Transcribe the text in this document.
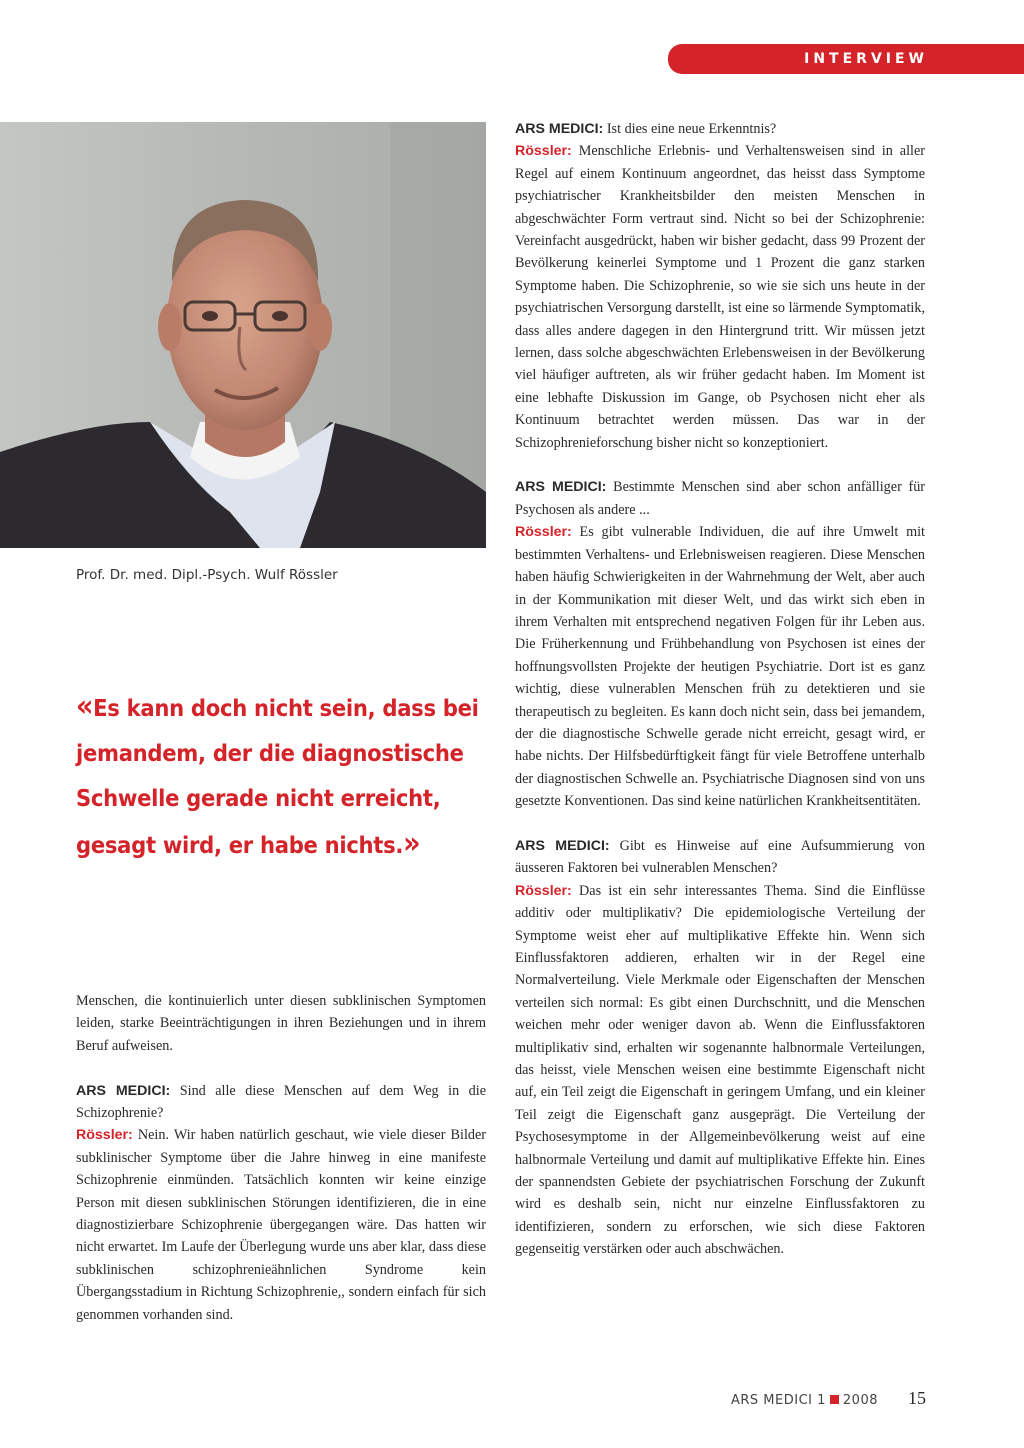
INTERVIEW
Prof. Dr. med. Dipl.-Psych. Wulf Rössler
«Es kann doch nicht sein, dass bei jemandem, der die diagnostische Schwelle gerade nicht erreicht, gesagt wird, er habe nichts.»

Menschen, die kontinuierlich unter diesen subklinischen Symptomen leiden, starke Beeinträchtigungen in ihren Beziehungen und in ihrem Beruf aufweisen.

ARS MEDICI: Sind alle diese Menschen auf dem Weg in die Schizophrenie?
Rössler: Nein. Wir haben natürlich geschaut, wie viele dieser Bilder subklinischer Symptome über die Jahre hinweg in eine manifeste Schizophrenie einmünden. Tatsächlich konnten wir keine einzige Person mit diesen subklinischen Störungen identifizieren, die in eine diagnostizierbare Schizophrenie übergegangen wäre. Das hatten wir nicht erwartet. Im Laufe der Überlegung wurde uns aber klar, dass diese subklinischen schizophrenieähnlichen Syndrome kein Übergangsstadium in Richtung Schizophrenie,, sondern einfach für sich genommen vorhanden sind.

ARS MEDICI: Ist dies eine neue Erkenntnis?
Rössler: Menschliche Erlebnis- und Verhaltensweisen sind in aller Regel auf einem Kontinuum angeordnet, das heisst dass Symptome psychiatrischer Krankheitsbilder den meisten Menschen in abgeschwächter Form vertraut sind. Nicht so bei der Schizophrenie: Vereinfacht ausgedrückt, haben wir bisher gedacht, dass 99 Prozent der Bevölkerung keinerlei Symptome und 1 Prozent die ganz starken Symptome haben. Die Schizophrenie, so wie sie sich uns heute in der psychiatrischen Versorgung darstellt, ist eine so lärmende Symptomatik, dass alles andere dagegen in den Hintergrund tritt. Wir müssen jetzt lernen, dass solche abgeschwächten Erlebensweisen in der Bevölkerung viel häufiger auftreten, als wir früher gedacht haben. Im Moment ist eine lebhafte Diskussion im Gange, ob Psychosen nicht eher als Kontinuum betrachtet werden müssen. Das war in der Schizophrenieforschung bisher nicht so konzeptioniert.

ARS MEDICI: Bestimmte Menschen sind aber schon anfälliger für Psychosen als andere ...
Rössler: Es gibt vulnerable Individuen, die auf ihre Umwelt mit bestimmten Verhaltens- und Erlebnisweisen reagieren. Diese Menschen haben häufig Schwierigkeiten in der Wahrnehmung der Welt, aber auch in der Kommunikation mit dieser Welt, und das wirkt sich eben in ihrem Verhalten mit entsprechend negativen Folgen für ihr Leben aus. Die Früherkennung und Frühbehandlung von Psychosen ist eines der hoffnungsvollsten Projekte der heutigen Psychiatrie. Dort ist es ganz wichtig, diese vulnerablen Menschen früh zu detektieren und sie therapeutisch zu begleiten. Es kann doch nicht sein, dass bei jemandem, der die diagnostische Schwelle gerade nicht erreicht, gesagt wird, er habe nichts. Der Hilfsbedürftigkeit fängt für viele Betroffene unterhalb der diagnostischen Schwelle an. Psychiatrische Diagnosen sind von uns gesetzte Konventionen. Das sind keine natürlichen Krankheitsentitäten.

ARS MEDICI: Gibt es Hinweise auf eine Aufsummierung von äusseren Faktoren bei vulnerablen Menschen?
Rössler: Das ist ein sehr interessantes Thema. Sind die Einflüsse additiv oder multiplikativ? Die epidemiologische Verteilung der Symptome weist eher auf multiplikative Effekte hin. Wenn sich Einflussfaktoren addieren, erhalten wir in der Regel eine Normalverteilung. Viele Merkmale oder Eigenschaften der Menschen verteilen sich normal: Es gibt einen Durchschnitt, und die Menschen weichen mehr oder weniger davon ab. Wenn die Einflussfaktoren multiplikativ sind, erhalten wir sogenannte halbnormale Verteilungen, das heisst, viele Menschen weisen eine bestimmte Eigenschaft nicht auf, ein Teil zeigt die Eigenschaft in geringem Umfang, und ein kleiner Teil zeigt die Eigenschaft ganz ausgeprägt. Die Verteilung der Psychosesymptome in der Allgemeinbevölkerung weist auf eine halbnormale Verteilung und damit auf multiplikative Effekte hin. Eines der spannendsten Gebiete der psychiatrischen Forschung der Zukunft wird es deshalb sein, nicht nur einzelne Einflussfaktoren zu identifizieren, sondern zu erforschen, wie sich diese Faktoren gegenseitig verstärken oder auch abschwächen.

ARS MEDICI 1 2008 15
